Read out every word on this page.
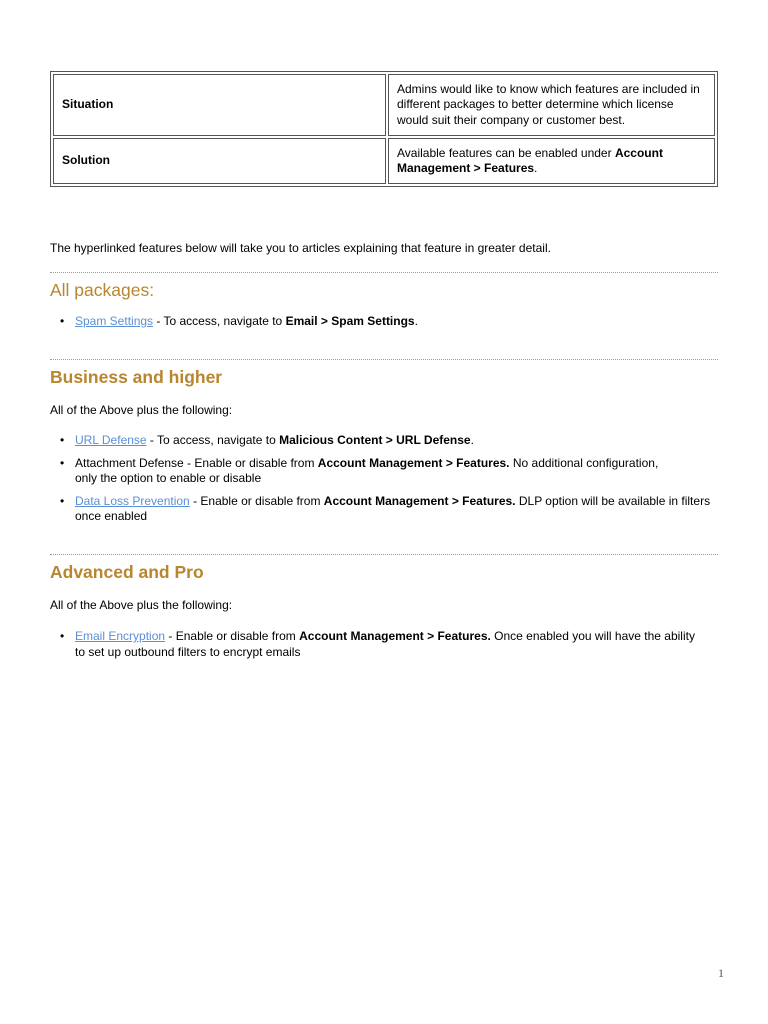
Situation	Admins would like to know which features are included in different packages to better determine which license would suit their company or customer best.
Solution	Available features can be enabled under Account Management > Features.

The hyperlinked features below will take you to articles explaining that feature in greater detail.

All packages:
• Spam Settings - To access, navigate to Email > Spam Settings.
Business and higher

All of the Above plus the following:

• URL Defense - To access, navigate to Malicious Content > URL Defense.
• Attachment Defense - Enable or disable from Account Management > Features. No additional configuration, only the option to enable or disable
• Data Loss Prevention - Enable or disable from Account Management > Features. DLP option will be available in filters once enabled
Advanced and Pro

All of the Above plus the following:

• Email Encryption - Enable or disable from Account Management > Features. Once enabled you will have the ability to set up outbound filters to encrypt emails
1
